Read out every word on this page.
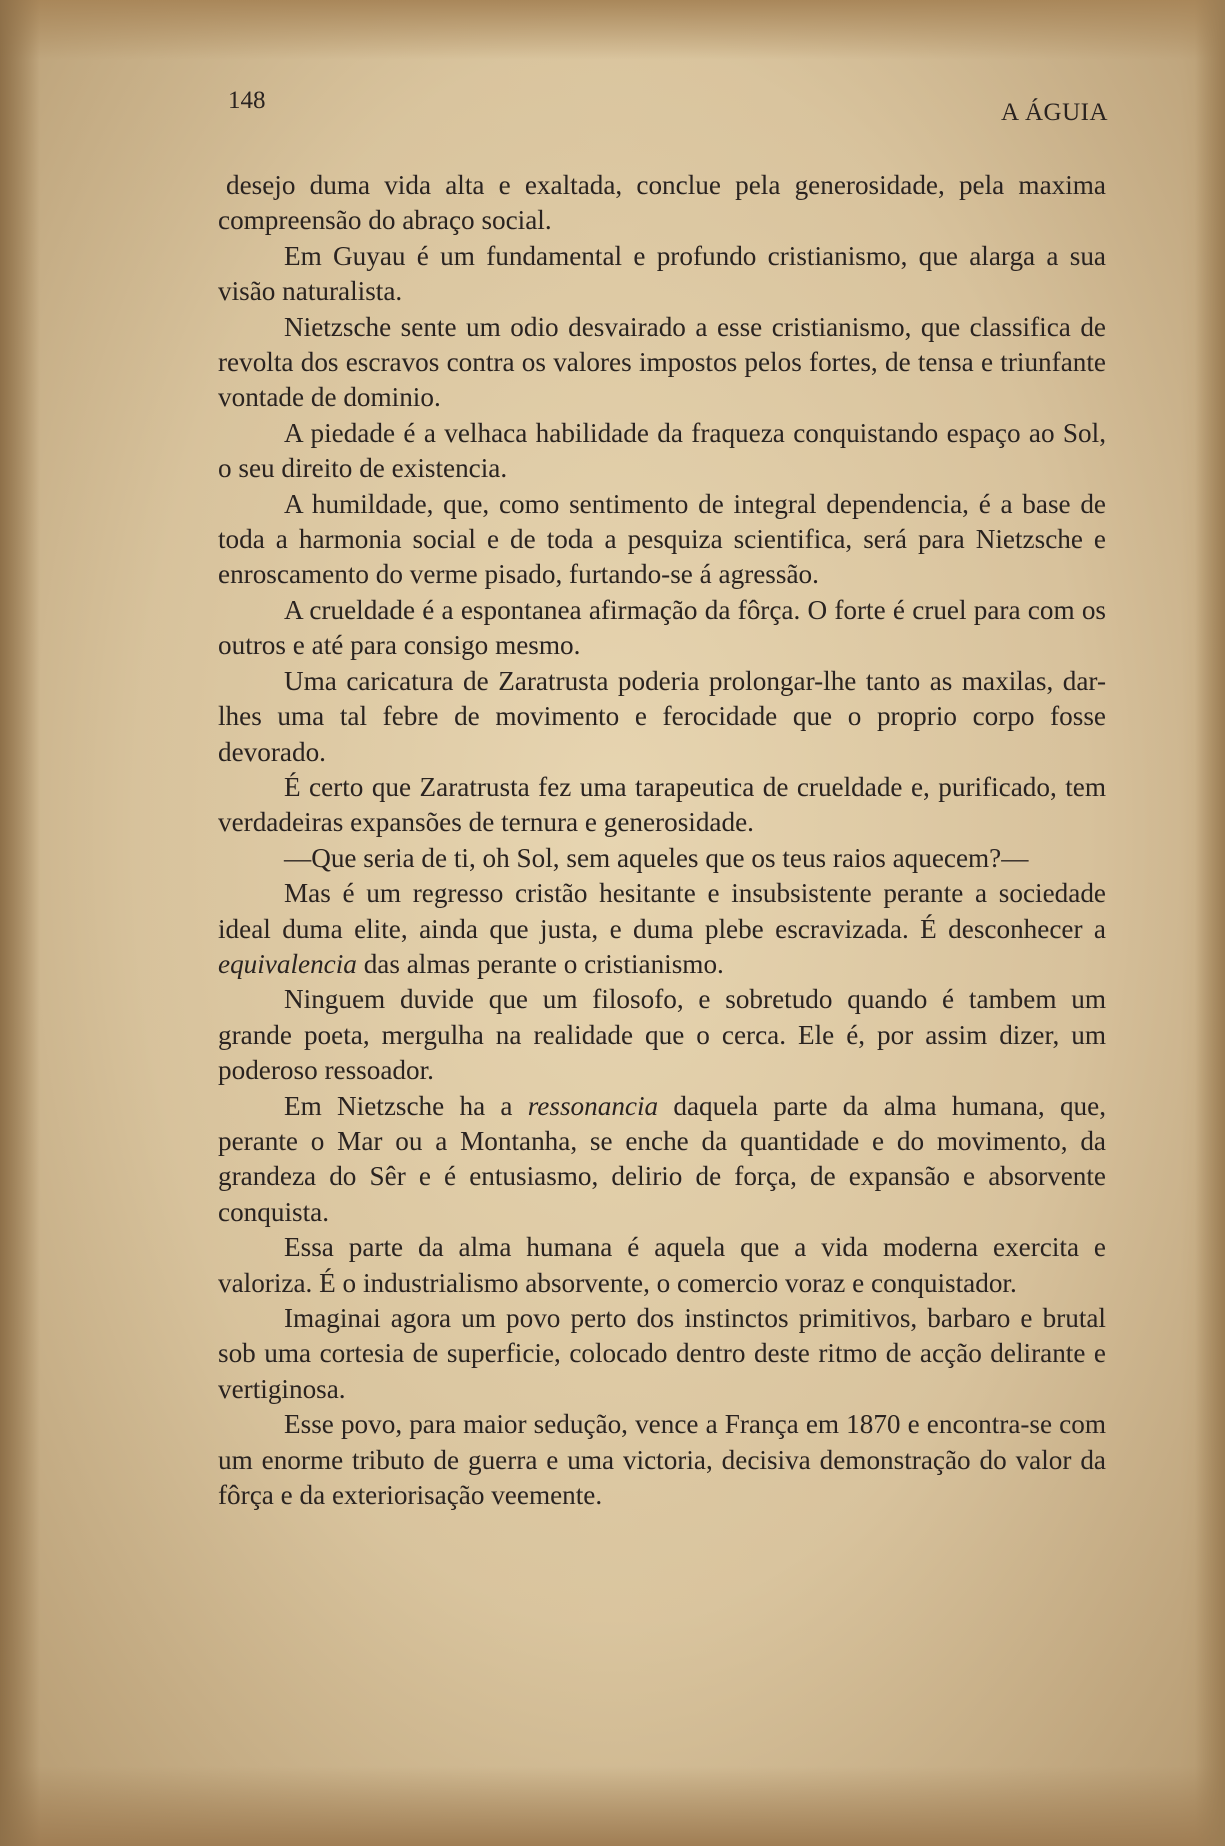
148	A ÁGUIA

desejo duma vida alta e exaltada, conclue pela generosidade, pela maxima compreensão do abraço social.

Em Guyau é um fundamental e profundo cristianismo, que alarga a sua visão naturalista.

Nietzsche sente um odio desvairado a esse cristianismo, que classifica de revolta dos escravos contra os valores impostos pelos fortes, de tensa e triunfante vontade de dominio.

A piedade é a velhaca habilidade da fraqueza conquistando espaço ao Sol, o seu direito de existencia.

A humildade, que, como sentimento de integral dependencia, é a base de toda a harmonia social e de toda a pesquiza scientifica, será para Nietzsche e enroscamento do verme pisado, furtando-se á agressão.

A crueldade é a espontanea afirmação da fôrça. O forte é cruel para com os outros e até para consigo mesmo.

Uma caricatura de Zaratrusta poderia prolongar-lhe tanto as maxilas, dar-lhes uma tal febre de movimento e ferocidade que o proprio corpo fosse devorado.

É certo que Zaratrusta fez uma tarapeutica de crueldade e, purificado, tem verdadeiras expansões de ternura e generosidade.

—Que seria de ti, oh Sol, sem aqueles que os teus raios aquecem?—

Mas é um regresso cristão hesitante e insubsistente perante a sociedade ideal duma elite, ainda que justa, e duma plebe escravizada. É desconhecer a equivalencia das almas perante o cristianismo.

Ninguem duvide que um filosofo, e sobretudo quando é tambem um grande poeta, mergulha na realidade que o cerca. Ele é, por assim dizer, um poderoso ressoador.

Em Nietzsche ha a ressonancia daquela parte da alma humana, que, perante o Mar ou a Montanha, se enche da quantidade e do movimento, da grandeza do Sêr e é entusiasmo, delirio de força, de expansão e absorvente conquista.

Essa parte da alma humana é aquela que a vida moderna exercita e valoriza. É o industrialismo absorvente, o comercio voraz e conquistador.

Imaginai agora um povo perto dos instinctos primitivos, barbaro e brutal sob uma cortesia de superficie, colocado dentro deste ritmo de acção delirante e vertiginosa.

Esse povo, para maior sedução, vence a França em 1870 e encontra-se com um enorme tributo de guerra e uma victoria, decisiva demonstração do valor da fôrça e da exteriorisação veemente.
